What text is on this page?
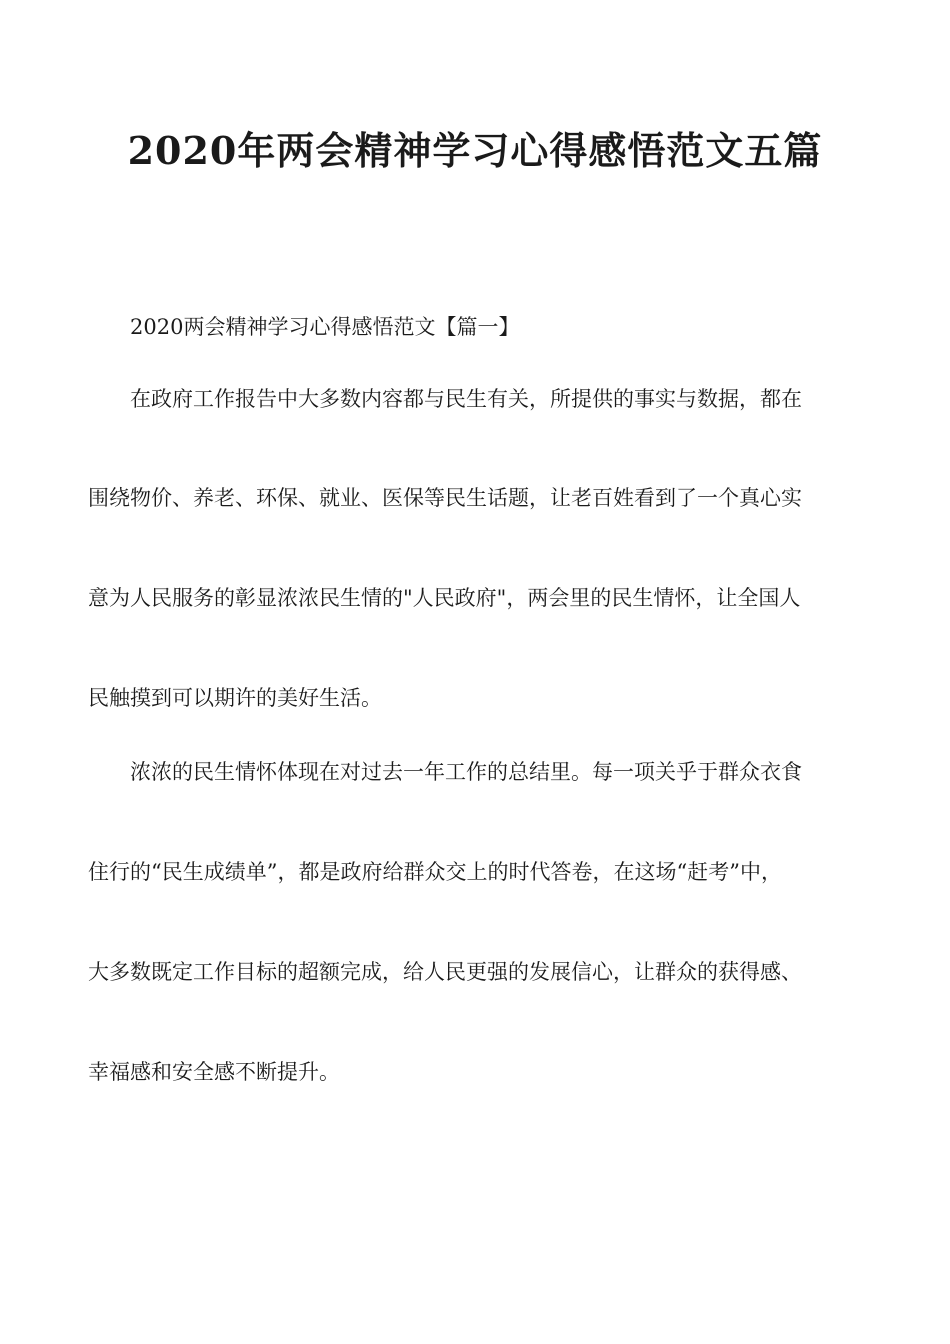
2020年两会精神学习心得感悟范文五篇

2020两会精神学习心得感悟范文【篇一】

在政府工作报告中大多数内容都与民生有关，所提供的事实与数据，都在

围绕物价、养老、环保、就业、医保等民生话题，让老百姓看到了一个真心实

意为人民服务的彰显浓浓民生情的"人民政府"，两会里的民生情怀，让全国人

民触摸到可以期许的美好生活。

浓浓的民生情怀体现在对过去一年工作的总结里。每一项关乎于群众衣食

住行的“民生成绩单”，都是政府给群众交上的时代答卷，在这场“赶考”中，

大多数既定工作目标的超额完成，给人民更强的发展信心，让群众的获得感、

幸福感和安全感不断提升。
